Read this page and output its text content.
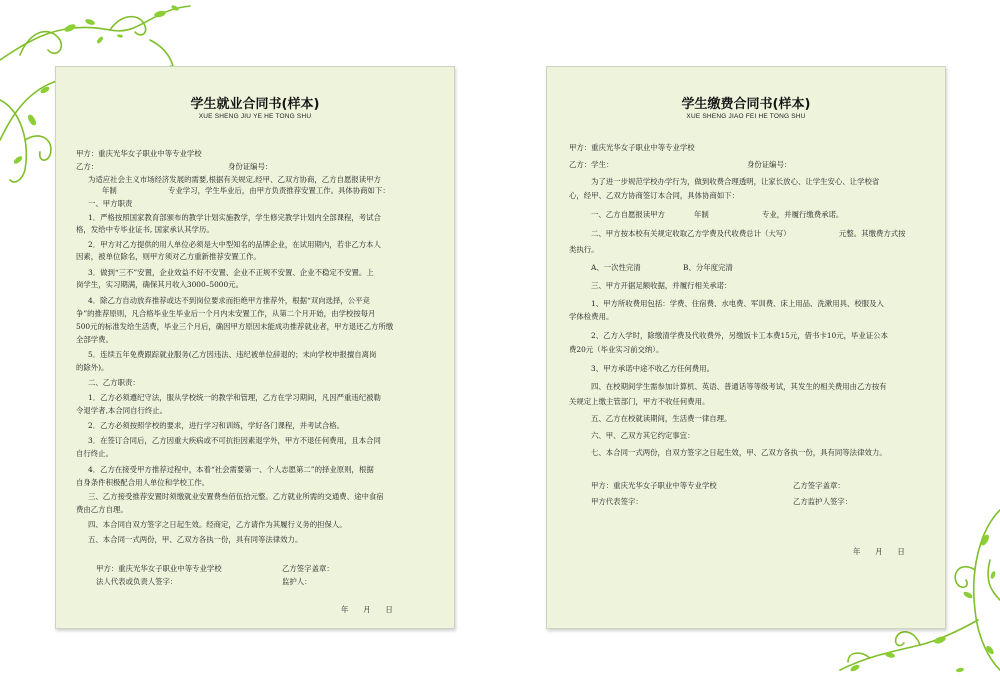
学生就业合同书(样本)
XUE SHENG JIU YE HE TONG SHU
甲方：重庆光华女子职业中等专业学校
乙方：	身份证编号：
为适应社会主义市场经济发展的需要,根据有关规定,经甲、乙双方协商，乙方自愿报读甲方
年制	专业学习，学生毕业后，由甲方负责推荐安置工作。具体协商如下：
一、甲方职责
1．严格按照国家教育部颁布的教学计划实施教学，学生修完教学计划内全部课程，考试合
格，发给中专毕业证书, 国家承认其学历。
2．甲方对乙方提供的用人单位必须是大中型知名的品牌企业，在试用期内，若非乙方本人
因素，被单位除名，则甲方须对乙方重新推荐安置工作。
3．做到“三不”安置，企业效益不好不安置、企业不正规不安置、企业不稳定不安置。上
岗学生，实习期满，确保其月收入3000–5000元。
4．除乙方自动放弃推荐或达不到岗位要求而拒绝甲方推荐外，根据“双向选择，公平竞
争”的推荐原则，凡合格毕业生毕业后一个月内未安置工作，从第二个月开始，由学校按每月
500元的标准发给生活费，毕业三个月后，确因甲方原因未能成功推荐就业者，甲方退还乙方所缴
全部学费。
5．连续五年免费跟踪就业服务(乙方因违法、违纪被单位辞退的；未向学校申报擅自离岗
的除外)。
二、乙方职责：
1．乙方必须遵纪守法，服从学校统一的教学和管理，乙方在学习期间，凡因严重违纪被勒
令退学者,本合同自行终止。
2．乙方必须按照学校的要求，进行学习和训练，学好各门课程，并考试合格。
3．在签订合同后，乙方因重大疾病或不可抗拒因素退学外，甲方不退任何费用，且本合同
自行终止。
4．乙方在接受甲方推荐过程中，本着“社会需要第一、个人志愿第二”的择业原则，根据
自身条件积极配合用人单位和学校工作。
三、乙方接受推荐安置时须缴就业安置费叁佰伍拾元整。乙方就业所需的交通费、途中食宿
费由乙方自理。
四、本合同自双方签字之日起生效。经商定，乙方请作为其履行义务的担保人。
五、本合同一式两份，甲、乙双方各执一份，具有同等法律效力。
甲方：重庆光华女子职业中等专业学校	乙方签字盖章：
法人代表或负责人签字：	监护人：
年　　月　　日
学生缴费合同书(样本)
XUE SHENG JIAO FEI HE TONG SHU
甲方：重庆光华女子职业中等专业学校
乙方：学生：	身份证编号：
为了进一步规范学校办学行为，做到收费合理透明，让家长放心、让学生安心、让学校省
心，经甲、乙双方协商签订本合同，具体协商如下：
一、乙方自愿报读甲方	年制	专业，并履行缴费承诺。
二、甲方按本校有关规定收取乙方学费及代收费总计（大写）	元整。其缴费方式按
类执行。
A、一次性完清	B、分年度完清
三、甲方开据足额收据，并履行相关承诺：
1、甲方所收费用包括：学费、住宿费、水电费、军训费、床上用品、洗漱用具、校服及入
学体检费用。
2、乙方入学时，除缴清学费及代收费外，另缴饭卡工本费15元，借书卡10元，毕业证公本
费20元（毕业实习前交纳）。
3、甲方承诺中途不收乙方任何费用。
四、在校期间学生需参加计算机、英语、普通话等等级考试，其发生的相关费用由乙方按有
关规定上缴主管部门，甲方不收任何费用。
五、乙方在校就读期间，生活费一律自理。
六、甲、乙双方其它约定事宜：
七、本合同一式两份，自双方签字之日起生效，甲、乙双方各执一份，具有同等法律效力。
甲方：重庆光华女子职业中等专业学校	乙方签字盖章：
甲方代表签字：	乙方监护人签字：
年　　月　　日
